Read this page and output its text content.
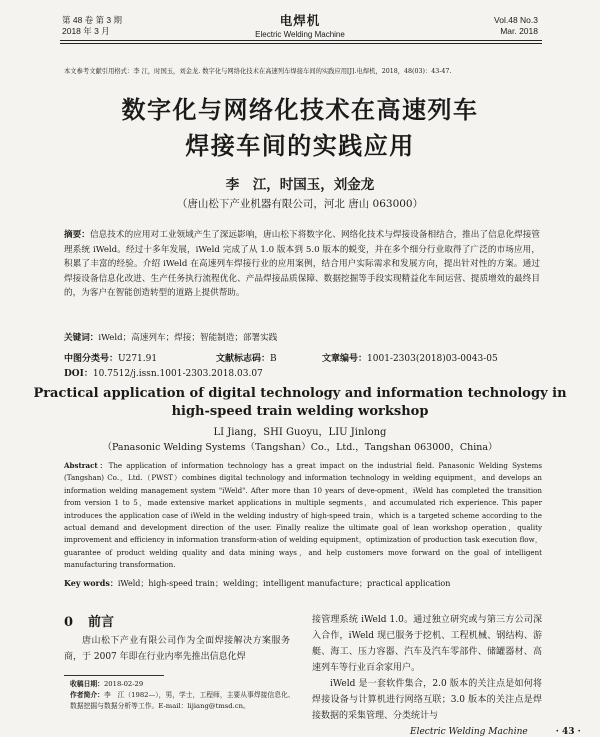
第 48 卷 第 3 期
2018 年 3 月
电焊机
Electric Welding Machine
Vol.48 No.3
Mar. 2018
本文参考文献引用格式：李 江，时国玉，刘金龙. 数字化与网络化技术在高速列车焊接车间的实践应用[J].电焊机，2018，48(03)：43-47.
数字化与网络化技术在高速列车
焊接车间的实践应用
李　江，时国玉，刘金龙
（唐山松下产业机器有限公司，河北 唐山 063000）
摘要：信息技术的应用对工业领域产生了深远影响，唐山松下将数字化、网络化技术与焊接设备相结合，推出了信息化焊接管理系统 iWeld。经过十多年发展，iWeld 完成了从 1.0 版本到 5.0 版本的蜕变，并在多个细分行业取得了广泛的市场应用，积累了丰富的经验。介绍 iWeld 在高速列车焊接行业的应用案例，结合用户实际需求和发展方向，提出针对性的方案。通过焊接设备信息化改进、生产任务执行流程优化、产品焊接品质保障、数据挖掘等手段实现精益化车间运营、提质增效的最终目的，为客户在智能创造转型的道路上提供帮助。
关键词：iWeld；高速列车；焊接；智能制造；部署实践
中图分类号：U271.91	文献标志码：B	文章编号：1001-2303(2018)03-0043-05
DOI：10.7512/j.issn.1001-2303.2018.03.07
Practical application of digital technology and information technology in
high-speed train welding workshop
LI Jiang，SHI Guoyu，LIU Jinlong
（Panasonic Welding Systems（Tangshan）Co.，Ltd.，Tangshan 063000，China）
Abstract：The application of information technology has a great impact on the industrial field. Panasonic Welding Systems (Tangshan) Co.，Ltd.（PWST）combines digital technology and information technology in welding equipment，and develops an information welding management system "iWeld". After more than 10 years of deve-opment，iWeld has completed the transition from version 1 to 5，made extensive market applications in multiple segments，and accumulated rich experience. This paper introduces the application case of iWeld in the welding industry of high-speed train，which is a targeted scheme according to the actual demand and development direction of the user. Finally realize the ultimate goal of lean workshop operation，quality improvement and efficiency in information transform-ation of welding equipment，optimization of production task execution flow，guarantee of product welding quality and data mining ways，and help customers move forward on the goal of intelligent manufacturing transformation.
Key words：iWeld；high-speed train；welding；intelligent manufacture；practical application
0 前言
唐山松下产业有限公司作为全面焊接解决方案服务商，于 2007 年即在行业内率先推出信息化焊

接管理系统 iWeld 1.0。通过独立研究或与第三方公司深入合作，iWeld 现已服务于挖机、工程机械、钢结构、游艇、海工、压力容器、汽车及汽车零部件、储罐器材、高速列车等行业百余家用户。

iWeld 是一套软件集合，2.0 版本的关注点是如何将焊接设备与计算机进行网络互联；3.0 版本的关注点是焊接数据的采集管理、分类统计与

收稿日期：2018-02-29
作者简介：李　江（1982—），男，学士，工程师，主要从事焊接信息化、数据挖掘与数据分析等工作。E-mail：lijiang@tmsd.cn。
Electric Welding Machine	· 43 ·
